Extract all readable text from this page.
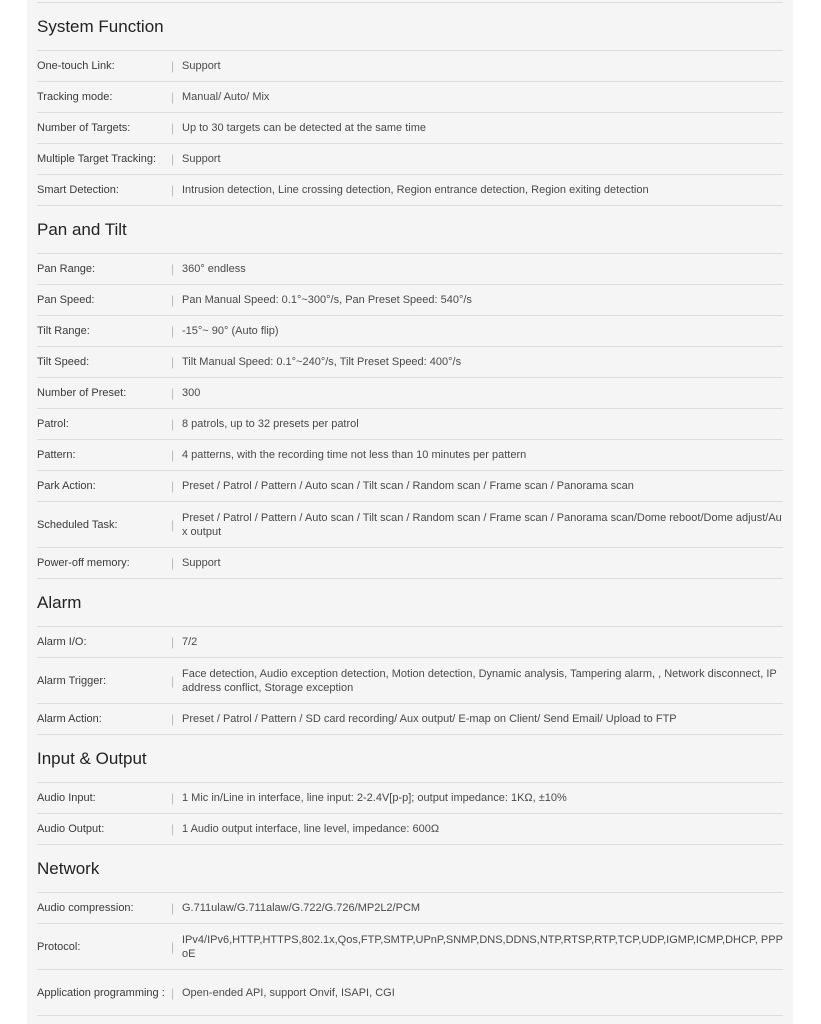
System Function
One-touch Link:	| Support
Tracking mode:	| Manual/ Auto/ Mix
Number of Targets:	| Up to 30 targets can be detected at the same time
Multiple Target Tracking:	| Support
Smart Detection:	| Intrusion detection, Line crossing detection, Region entrance detection, Region exiting detection
Pan and Tilt
Pan Range:	| 360° endless
Pan Speed:	| Pan Manual Speed: 0.1°~300°/s, Pan Preset Speed: 540°/s
Tilt Range:	| -15°~ 90° (Auto flip)
Tilt Speed:	| Tilt Manual Speed: 0.1°~240°/s, Tilt Preset Speed: 400°/s
Number of Preset:	| 300
Patrol:	| 8 patrols, up to 32 presets per patrol
Pattern:	| 4 patterns, with the recording time not less than 10 minutes per pattern
Park Action:	| Preset / Patrol / Pattern / Auto scan / Tilt scan / Random scan / Frame scan / Panorama scan
Scheduled Task:	| Preset / Patrol / Pattern / Auto scan / Tilt scan / Random scan / Frame scan / Panorama scan/Dome reboot/Dome adjust/Aux output
Power-off memory:	| Support
Alarm
Alarm I/O:	| 7/2
Alarm Trigger:	| Face detection, Audio exception detection, Motion detection, Dynamic analysis, Tampering alarm, , Network disconnect, IP address conflict, Storage exception
Alarm Action:	| Preset / Patrol / Pattern / SD card recording/ Aux output/ E-map on Client/ Send Email/ Upload to FTP
Input & Output
Audio Input:	| 1 Mic in/Line in interface, line input: 2-2.4V[p-p]; output impedance: 1KΩ, ±10%
Audio Output:	| 1 Audio output interface, line level, impedance: 600Ω
Network
Audio compression:	| G.711ulaw/G.711alaw/G.722/G.726/MP2L2/PCM
Protocol:	| IPv4/IPv6,HTTP,HTTPS,802.1x,Qos,FTP,SMTP,UPnP,SNMP,DNS,DDNS,NTP,RTSP,RTP,TCP,UDP,IGMP,ICMP,DHCP, PPPoE
Application programming : | Open-ended API, support Onvif, ISAPI, CGI
